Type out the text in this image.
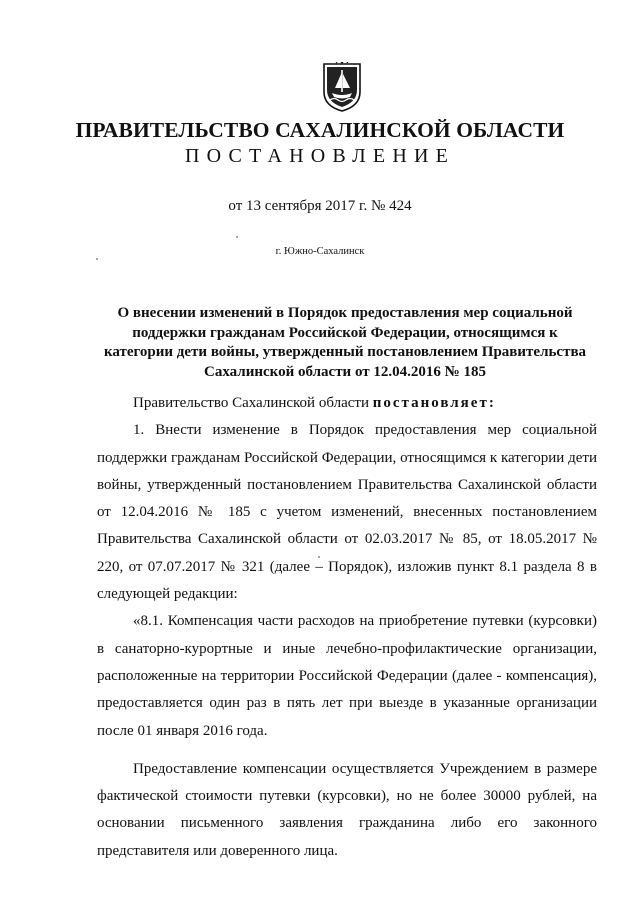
ПРАВИТЕЛЬСТВО САХАЛИНСКОЙ ОБЛАСТИ
ПОСТАНОВЛЕНИЕ
от 13 сентября 2017 г. № 424
г. Южно-Сахалинск
О внесении изменений в Порядок предоставления мер социальной поддержки гражданам Российской Федерации, относящимся к категории дети войны, утвержденный постановлением Правительства Сахалинской области от 12.04.2016 № 185

Правительство Сахалинской области постановляет:

1. Внести изменение в Порядок предоставления мер социальной поддержки гражданам Российской Федерации, относящимся к категории дети войны, утвержденный постановлением Правительства Сахалинской области от 12.04.2016 № 185 с учетом изменений, внесенных постановлением Правительства Сахалинской области от 02.03.2017 № 85, от 18.05.2017 № 220, от 07.07.2017 № 321 (далее – Порядок), изложив пункт 8.1 раздела 8 в следующей редакции:

«8.1. Компенсация части расходов на приобретение путевки (курсовки) в санаторно-курортные и иные лечебно-профилактические организации, расположенные на территории Российской Федерации (далее - компенсация), предоставляется один раз в пять лет при выезде в указанные организации после 01 января 2016 года.

Предоставление компенсации осуществляется Учреждением в размере фактической стоимости путевки (курсовки), но не более 30000 рублей, на основании письменного заявления гражданина либо его законного представителя или доверенного лица.
